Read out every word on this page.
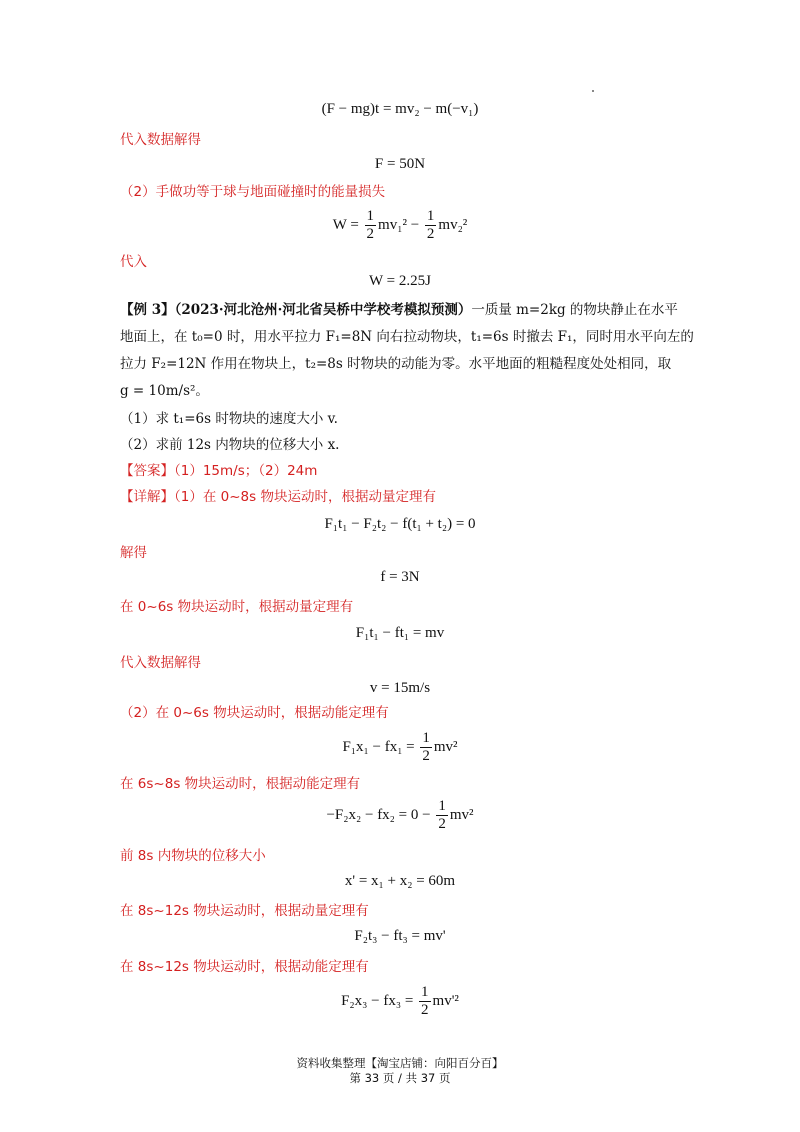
(F − mg)t = mv₂ − m(−v₁)
代入数据解得
F = 50N
（2）手做功等于球与地面碰撞时的能量损失
$W = \frac{1}{2} mv_1^2 - \frac{1}{2} mv_2^2$
代入
W = 2.25J
【例 3】（2023·河北沧州·河北省吴桥中学校考模拟预测）一质量 m=2kg 的物块静止在水平
地面上，在 t₀=0 时，用水平拉力 F₁=8N 向右拉动物块，t₁=6s 时撤去 F₁，同时用水平向左的
拉力 F₂=12N 作用在物块上，t₂=8s 时物块的动能为零。水平地面的粗糙程度处处相同，取
g = 10m/s²。
（1）求 t₁=6s 时物块的速度大小 v.
（2）求前 12s 内物块的位移大小 x.
【答案】（1）15m/s；（2）24m
【详解】（1）在 0~8s 物块运动时，根据动量定理有
F₁t₁ − F₂t₂ − f(t₁ + t₂) = 0
解得
f = 3N
在 0~6s 物块运动时，根据动量定理有
F₁t₁ − ft₁ = mv
代入数据解得
v = 15m/s
（2）在 0~6s 物块运动时，根据动能定理有
$F_1x_1 - fx_1 = \frac{1}{2} mv^2$
在 6s~8s 物块运动时，根据动能定理有
$-F_2x_2 - fx_2 = 0 - \frac{1}{2} mv^2$
前 8s 内物块的位移大小
x' = x₁ + x₂ = 60m
在 8s~12s 物块运动时，根据动量定理有
F₂t₃ − ft₃ = mv'
在 8s~12s 物块运动时，根据动能定理有
$F_2x_3 - fx_3 = \frac{1}{2} mv'^2$
资料收集整理【淘宝店铺：向阳百分百】
第 33 页 / 共 37 页
